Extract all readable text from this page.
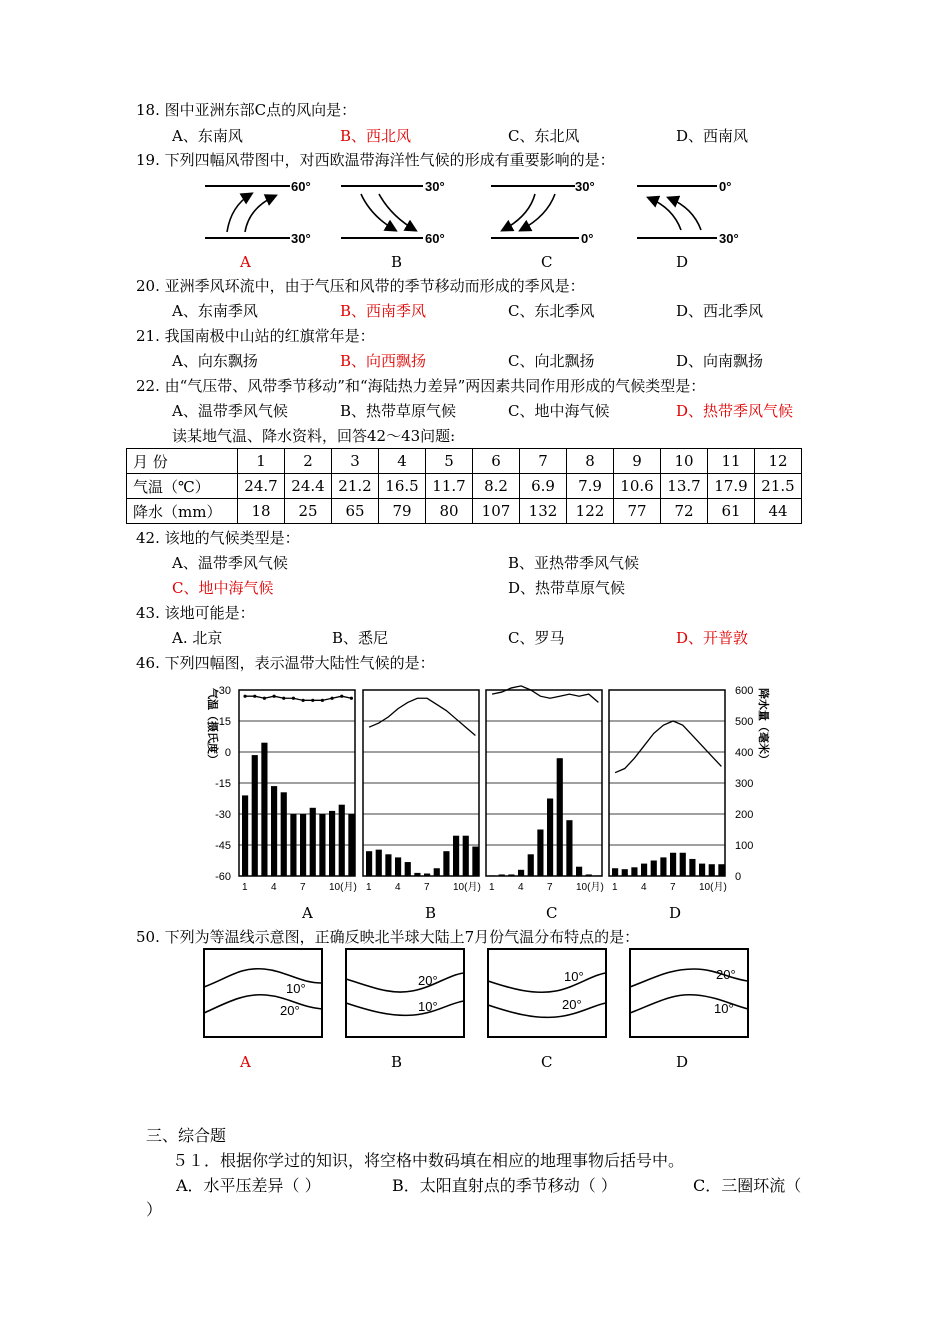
18. 图中亚洲东部C点的风向是：
A、东南风	B、西北风	C、东北风	D、西南风
19. 下列四幅风带图中，对西欧温带海洋性气候的形成有重要影响的是：
60°
30°
30°
60°
30°
0°
0°
30°
A	B	C	D
20. 亚洲季风环流中，由于气压和风带的季节移动而形成的季风是：
A、东南季风	B、西南季风	C、东北季风	D、西北季风
21. 我国南极中山站的红旗常年是：
A、向东飘扬	B、向西飘扬	C、向北飘扬	D、向南飘扬
22. 由“气压带、风带季节移动”和“海陆热力差异”两因素共同作用形成的气候类型是：
A、温带季风气候	B、热带草原气候	C、地中海气候	D、热带季风气候
读某地气温、降水资料，回答42～43问题:
月 份	1	2	3	4	5	6	7	8	9	10	11	12
气温（℃）	24.7	24.4	21.2	16.5	11.7	8.2	6.9	7.9	10.6	13.7	17.9	21.5
降水（mm）	18	25	65	79	80	107	132	122	77	72	61	44
42. 该地的气候类型是：
A、温带季风气候	B、亚热带季风气候
C、地中海气候	D、热带草原气候
43. 该地可能是：
A. 北京	B、悉尼	C、罗马	D、开普敦
46. 下列四幅图，表示温带大陆性气候的是：
气温（摄氏度）	降水量（毫米）
30
15
0
-15
-30
-45
-60
600
500
400
300
200
100
0
1 4 7 10(月) 1 4 7 10(月) 1 4 7 10(月) 1 4 7 10(月)
A	B	C	D
50. 下列为等温线示意图，正确反映北半球大陆上7月份气温分布特点的是：
10°
20°
20°
10°
10°
20°
20°
10°
A	B	C	D
三、综合题
５１．根据你学过的知识，将空格中数码填在相应的地理事物后括号中。
A．水平压差异（ ）	B．太阳直射点的季节移动（ ）	C．三圈环流（
）
